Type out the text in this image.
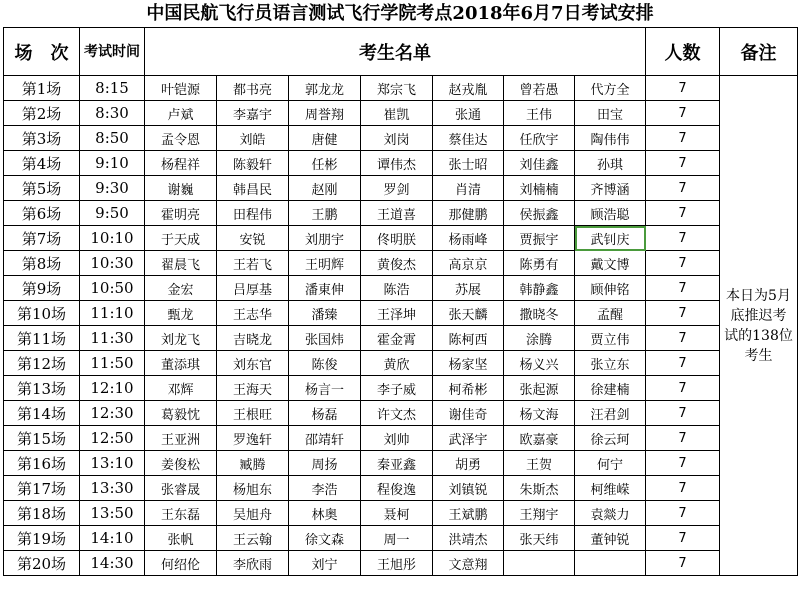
中国民航飞行员语言测试飞行学院考点2018年6月7日考试安排
场　次	考试时间	考生名单							人数	备注
第1场	8:15	叶铠源	都书亮	郭龙龙	郑宗飞	赵戎胤	曾若愚	代方全	7	本日为5月底推迟考试的138位考生
第2场	8:30	卢斌	李嘉宇	周誉翔	崔凯	张通	王伟	田宝	7	
第3场	8:50	孟令恩	刘皓	唐健	刘岗	蔡佳达	任欣宇	陶伟伟	7	
第4场	9:10	杨程祥	陈毅轩	任彬	谭伟杰	张士昭	刘佳鑫	孙琪	7	
第5场	9:30	谢巍	韩昌民	赵刚	罗剑	肖清	刘楠楠	齐博涵	7	
第6场	9:50	霍明亮	田程伟	王鹏	王道喜	那健鹏	侯振鑫	顾浩聪	7	
第7场	10:10	于天成	安锐	刘朋宇	佟明朕	杨雨峰	贾振宇	武钊庆	7	
第8场	10:30	翟晨飞	王若飞	王明辉	黄俊杰	高京京	陈勇有	戴文博	7	
第9场	10:50	金宏	吕厚基	潘東伸	陈浩	苏展	韩静鑫	顾伸铭	7	
第10场	11:10	甄龙	王志华	潘臻	王泽坤	张天麟	撒晓冬	孟醒	7	
第11场	11:30	刘龙飞	吉晓龙	张国炜	霍金霄	陈柯西	涂腾	贾立伟	7	
第12场	11:50	董添琪	刘东官	陈俊	黄欣	杨家坚	杨义兴	张立东	7	
第13场	12:10	邓辉	王海天	杨言一	李子威	柯希彬	张起源	徐建楠	7	
第14场	12:30	葛毅忱	王根旺	杨磊	许文杰	谢佳奇	杨文海	汪君剑	7	
第15场	12:50	王亚洲	罗逸轩	邵靖轩	刘帅	武泽宇	欧嘉豪	徐云珂	7	
第16场	13:10	姜俊松	臧腾	周扬	秦亚鑫	胡勇	王贺	何宁	7	
第17场	13:30	张睿晟	杨旭东	李浩	程俊逸	刘镇锐	朱斯杰	柯维嵘	7	
第18场	13:50	王东磊	吴旭舟	林奥	聂柯	王斌鹏	王翔宇	袁燚力	7	
第19场	14:10	张帆	王云翰	徐文森	周一	洪靖杰	张天纬	董钟锐	7	
第20场	14:30	何绍伦	李欣雨	刘宁	王旭彤	文意翔			7	
